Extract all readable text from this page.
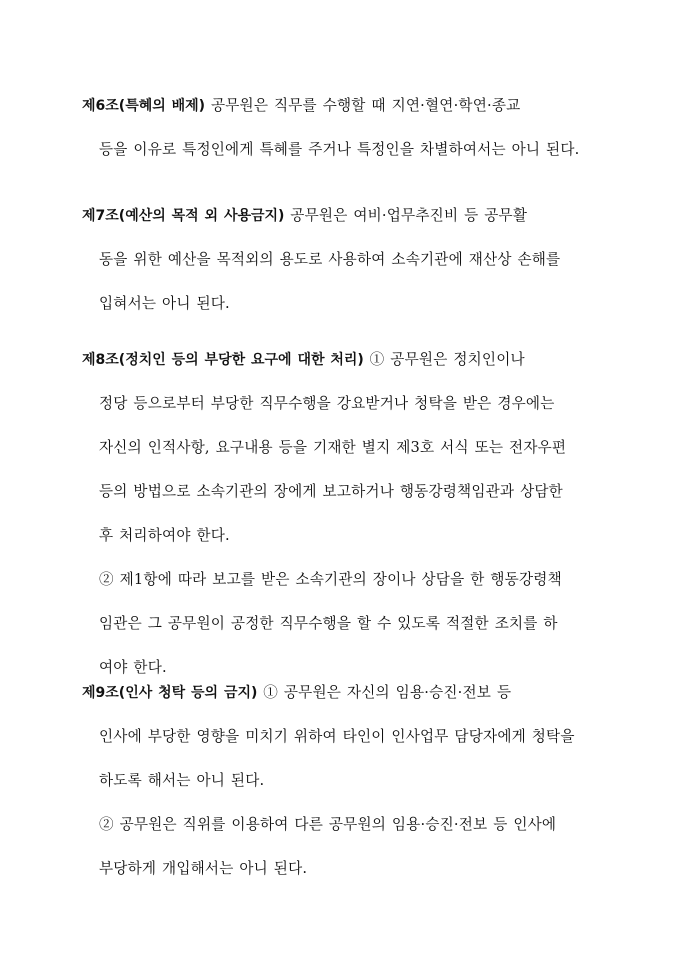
제6조(특혜의 배제) 공무원은 직무를 수행할 때 지연·혈연·학연·종교
등을 이유로 특정인에게 특혜를 주거나 특정인을 차별하여서는 아니 된다.
제7조(예산의 목적 외 사용금지) 공무원은 여비·업무추진비 등 공무활
동을 위한 예산을 목적외의 용도로 사용하여 소속기관에 재산상 손해를
입혀서는 아니 된다.
제8조(정치인 등의 부당한 요구에 대한 처리) ① 공무원은 정치인이나
정당 등으로부터 부당한 직무수행을 강요받거나 청탁을 받은 경우에는
자신의 인적사항, 요구내용 등을 기재한 별지 제3호 서식 또는 전자우편
등의 방법으로 소속기관의 장에게 보고하거나 행동강령책임관과 상담한
후 처리하여야 한다.
② 제1항에 따라 보고를 받은 소속기관의 장이나 상담을 한 행동강령책
임관은 그 공무원이 공정한 직무수행을 할 수 있도록 적절한 조치를 하
여야 한다.
제9조(인사 청탁 등의 금지) ① 공무원은 자신의 임용·승진·전보 등
인사에 부당한 영향을 미치기 위하여 타인이 인사업무 담당자에게 청탁을
하도록 해서는 아니 된다.
② 공무원은 직위를 이용하여 다른 공무원의 임용·승진·전보 등 인사에
부당하게 개입해서는 아니 된다.
